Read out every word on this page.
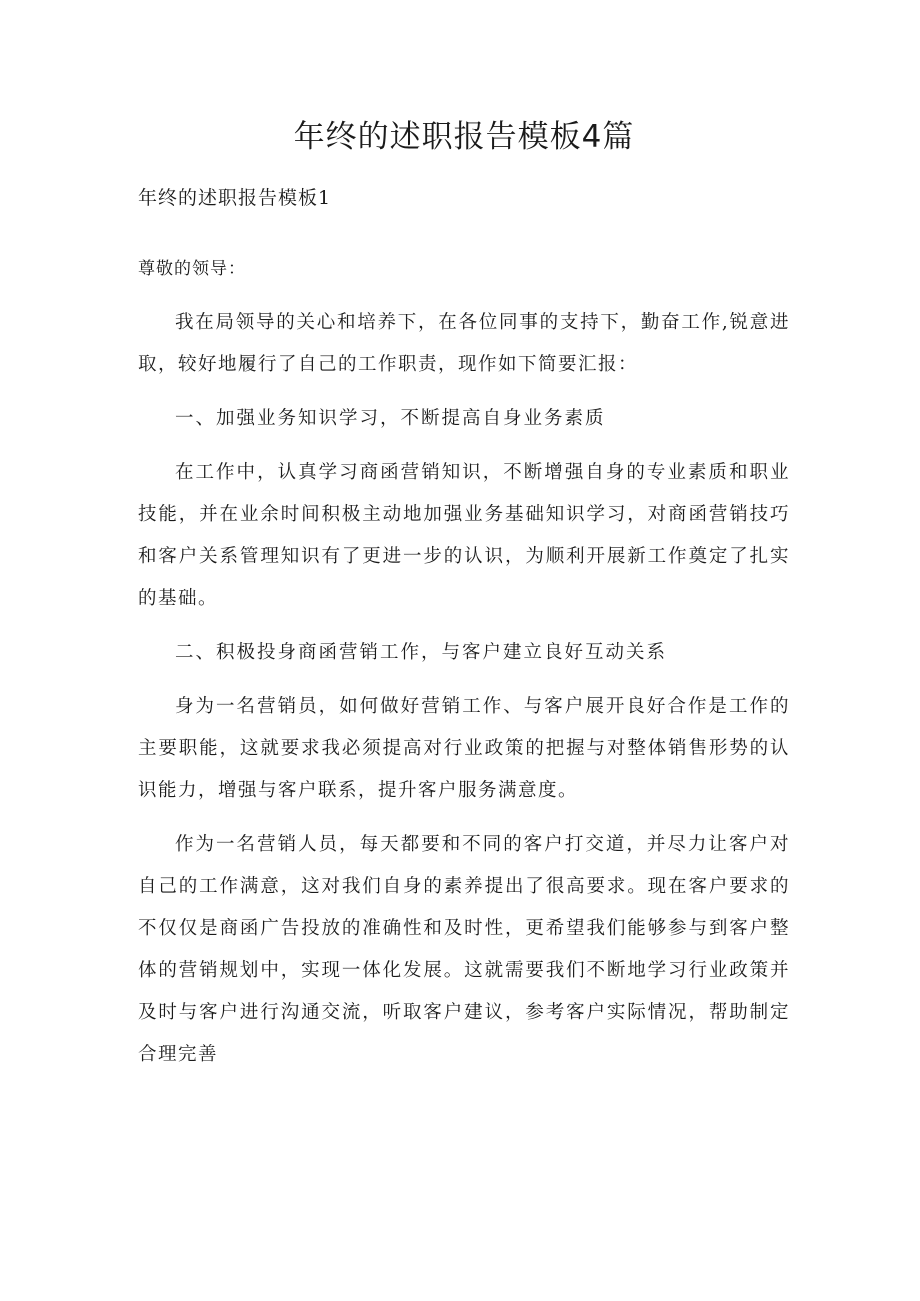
年终的述职报告模板4篇

年终的述职报告模板1

尊敬的领导：

我在局领导的关心和培养下，在各位同事的支持下，勤奋工作,锐意进取，较好地履行了自己的工作职责，现作如下简要汇报：

一、加强业务知识学习，不断提高自身业务素质

在工作中，认真学习商函营销知识，不断增强自身的专业素质和职业技能，并在业余时间积极主动地加强业务基础知识学习，对商函营销技巧和客户关系管理知识有了更进一步的认识，为顺利开展新工作奠定了扎实的基础。

二、积极投身商函营销工作，与客户建立良好互动关系

身为一名营销员，如何做好营销工作、与客户展开良好合作是工作的主要职能，这就要求我必须提高对行业政策的把握与对整体销售形势的认识能力，增强与客户联系，提升客户服务满意度。

作为一名营销人员，每天都要和不同的客户打交道，并尽力让客户对自己的工作满意，这对我们自身的素养提出了很高要求。现在客户要求的不仅仅是商函广告投放的准确性和及时性，更希望我们能够参与到客户整体的营销规划中，实现一体化发展。这就需要我们不断地学习行业政策并及时与客户进行沟通交流，听取客户建议，参考客户实际情况，帮助制定合理完善
